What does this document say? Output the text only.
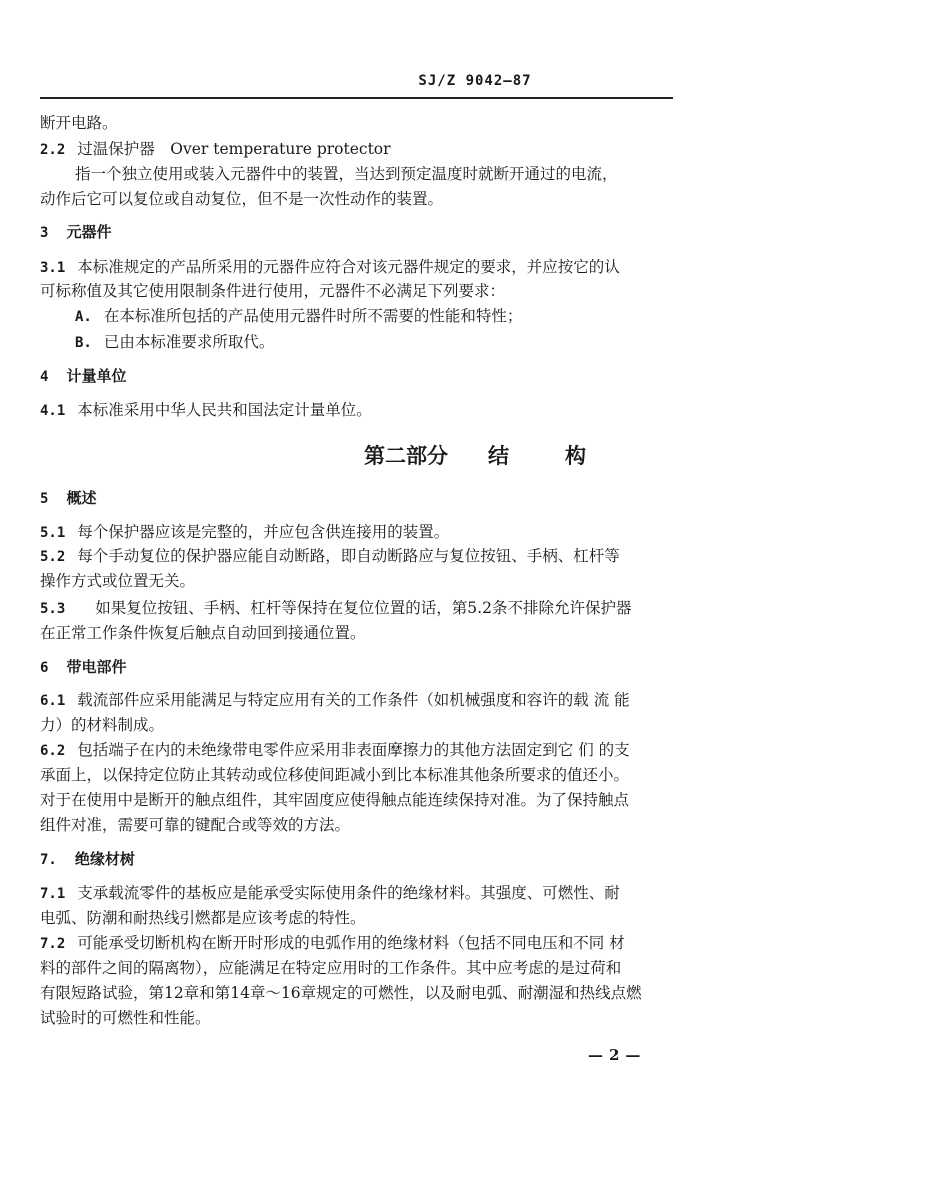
SJ/Z 9042—87
断开电路。
2.2 过温保护器　Over temperature protector
指一个独立使用或装入元器件中的装置，当达到预定温度时就断开通过的电流，
动作后它可以复位或自动复位，但不是一次性动作的装置。
3 元器件
3.1 本标准规定的产品所采用的元器件应符合对该元器件规定的要求，并应按它的认
可标称值及其它使用限制条件进行使用，元器件不必满足下列要求：
A. 在本标准所包括的产品使用元器件时所不需要的性能和特性；
B. 已由本标准要求所取代。
4 计量单位
4.1 本标准采用中华人民共和国法定计量单位。
第二部分 结	构
5 概述
5.1 每个保护器应该是完整的，并应包含供连接用的装置。
5.2 每个手动复位的保护器应能自动断路，即自动断路应与复位按钮、手柄、杠杆等
操作方式或位置无关。
5.3 如果复位按钮、手柄、杠杆等保持在复位位置的话，第5.2条不排除允许保护器
在正常工作条件恢复后触点自动回到接通位置。
6 带电部件
6.1 载流部件应采用能满足与特定应用有关的工作条件（如机械强度和容许的载 流 能
力）的材料制成。
6.2 包括端子在内的未绝缘带电零件应采用非表面摩擦力的其他方法固定到它 们 的支
承面上，以保持定位防止其转动或位移使间距减小到比本标准其他条所要求的值还小。
对于在使用中是断开的触点组件，其牢固度应使得触点能连续保持对准。为了保持触点
组件对准，需要可靠的键配合或等效的方法。
7. 绝缘材树
7.1 支承载流零件的基板应是能承受实际使用条件的绝缘材料。其强度、可燃性、耐
电弧、防潮和耐热线引燃都是应该考虑的特性。
7.2 可能承受切断机构在断开时形成的电弧作用的绝缘材料（包括不同电压和不同 材
料的部件之间的隔离物），应能满足在特定应用时的工作条件。其中应考虑的是过荷和
有限短路试验，第12章和第14章～16章规定的可燃性，以及耐电弧、耐潮湿和热线点燃
试验时的可燃性和性能。
—2—
